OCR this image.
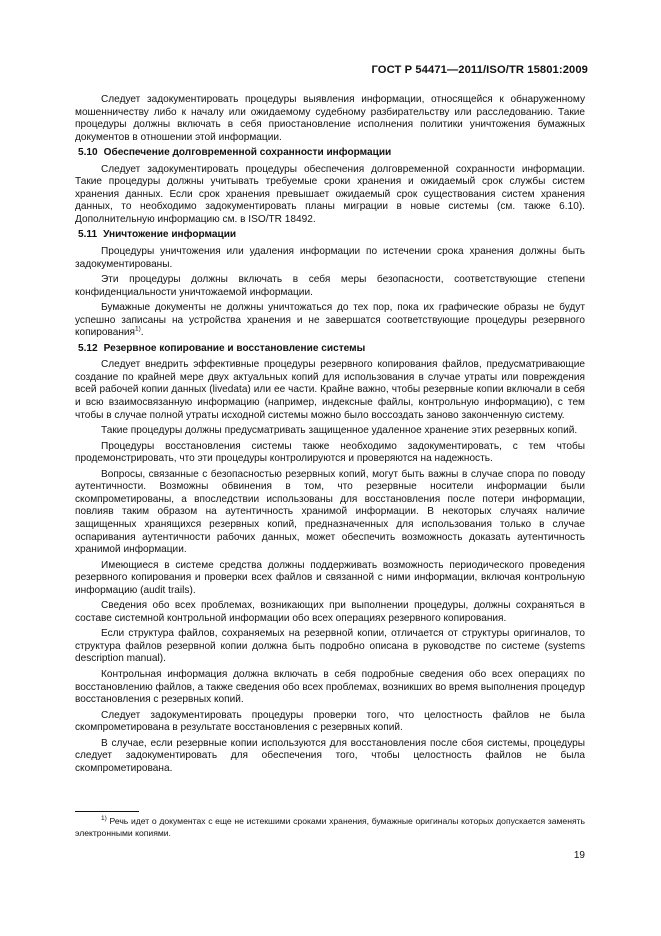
ГОСТ Р 54471—2011/ISO/TR 15801:2009

Следует задокументировать процедуры выявления информации, относящейся к обнаруженному мошенничеству либо к началу или ожидаемому судебному разбирательству или расследованию. Такие процедуры должны включать в себя приостановление исполнения политики уничтожения бумажных документов в отношении этой информации.

5.10 Обеспечение долговременной сохранности информации

Следует задокументировать процедуры обеспечения долговременной сохранности информации. Такие процедуры должны учитывать требуемые сроки хранения и ожидаемый срок службы систем хранения данных. Если срок хранения превышает ожидаемый срок существования систем хранения данных, то необходимо задокументировать планы миграции в новые системы (см. также 6.10). Дополнительную информацию см. в ISO/TR 18492.

5.11 Уничтожение информации

Процедуры уничтожения или удаления информации по истечении срока хранения должны быть задокументированы.

Эти процедуры должны включать в себя меры безопасности, соответствующие степени конфиденциальности уничтожаемой информации.

Бумажные документы не должны уничтожаться до тех пор, пока их графические образы не будут успешно записаны на устройства хранения и не завершатся соответствующие процедуры резервного копирования$^{1)}$.

5.12 Резервное копирование и восстановление системы

Следует внедрить эффективные процедуры резервного копирования файлов, предусматривающие создание по крайней мере двух актуальных копий для использования в случае утраты или повреждения всей рабочей копии данных (livedata) или ее части. Крайне важно, чтобы резервные копии включали в себя и всю взаимосвязанную информацию (например, индексные файлы, контрольную информацию), с тем чтобы в случае полной утраты исходной системы можно было воссоздать заново законченную систему.

Такие процедуры должны предусматривать защищенное удаленное хранение этих резервных копий.

Процедуры восстановления системы также необходимо задокументировать, с тем чтобы продемонстрировать, что эти процедуры контролируются и проверяются на надежность.

Вопросы, связанные с безопасностью резервных копий, могут быть важны в случае спора по поводу аутентичности. Возможны обвинения в том, что резервные носители информации были скомпрометированы, а впоследствии использованы для восстановления после потери информации, повлияв таким образом на аутентичность хранимой информации. В некоторых случаях наличие защищенных хранящихся резервных копий, предназначенных для использования только в случае оспаривания аутентичности рабочих данных, может обеспечить возможность доказать аутентичность хранимой информации.

Имеющиеся в системе средства должны поддерживать возможность периодического проведения резервного копирования и проверки всех файлов и связанной с ними информации, включая контрольную информацию (audit trails).

Сведения обо всех проблемах, возникающих при выполнении процедуры, должны сохраняться в составе системной контрольной информации обо всех операциях резервного копирования.

Если структура файлов, сохраняемых на резервной копии, отличается от структуры оригиналов, то структура файлов резервной копии должна быть подробно описана в руководстве по системе (systems description manual).

Контрольная информация должна включать в себя подробные сведения обо всех операциях по восстановлению файлов, а также сведения обо всех проблемах, возникших во время выполнения процедур восстановления с резервных копий.

Следует задокументировать процедуры проверки того, что целостность файлов не была скомпрометирована в результате восстановления с резервных копий.

В случае, если резервные копии используются для восстановления после сбоя системы, процедуры следует задокументировать для обеспечения того, чтобы целостность файлов не была скомпрометирована.

$^{1)}$ Речь идет о документах с еще не истекшими сроками хранения, бумажные оригиналы которых допускается заменять электронными копиями.

19
